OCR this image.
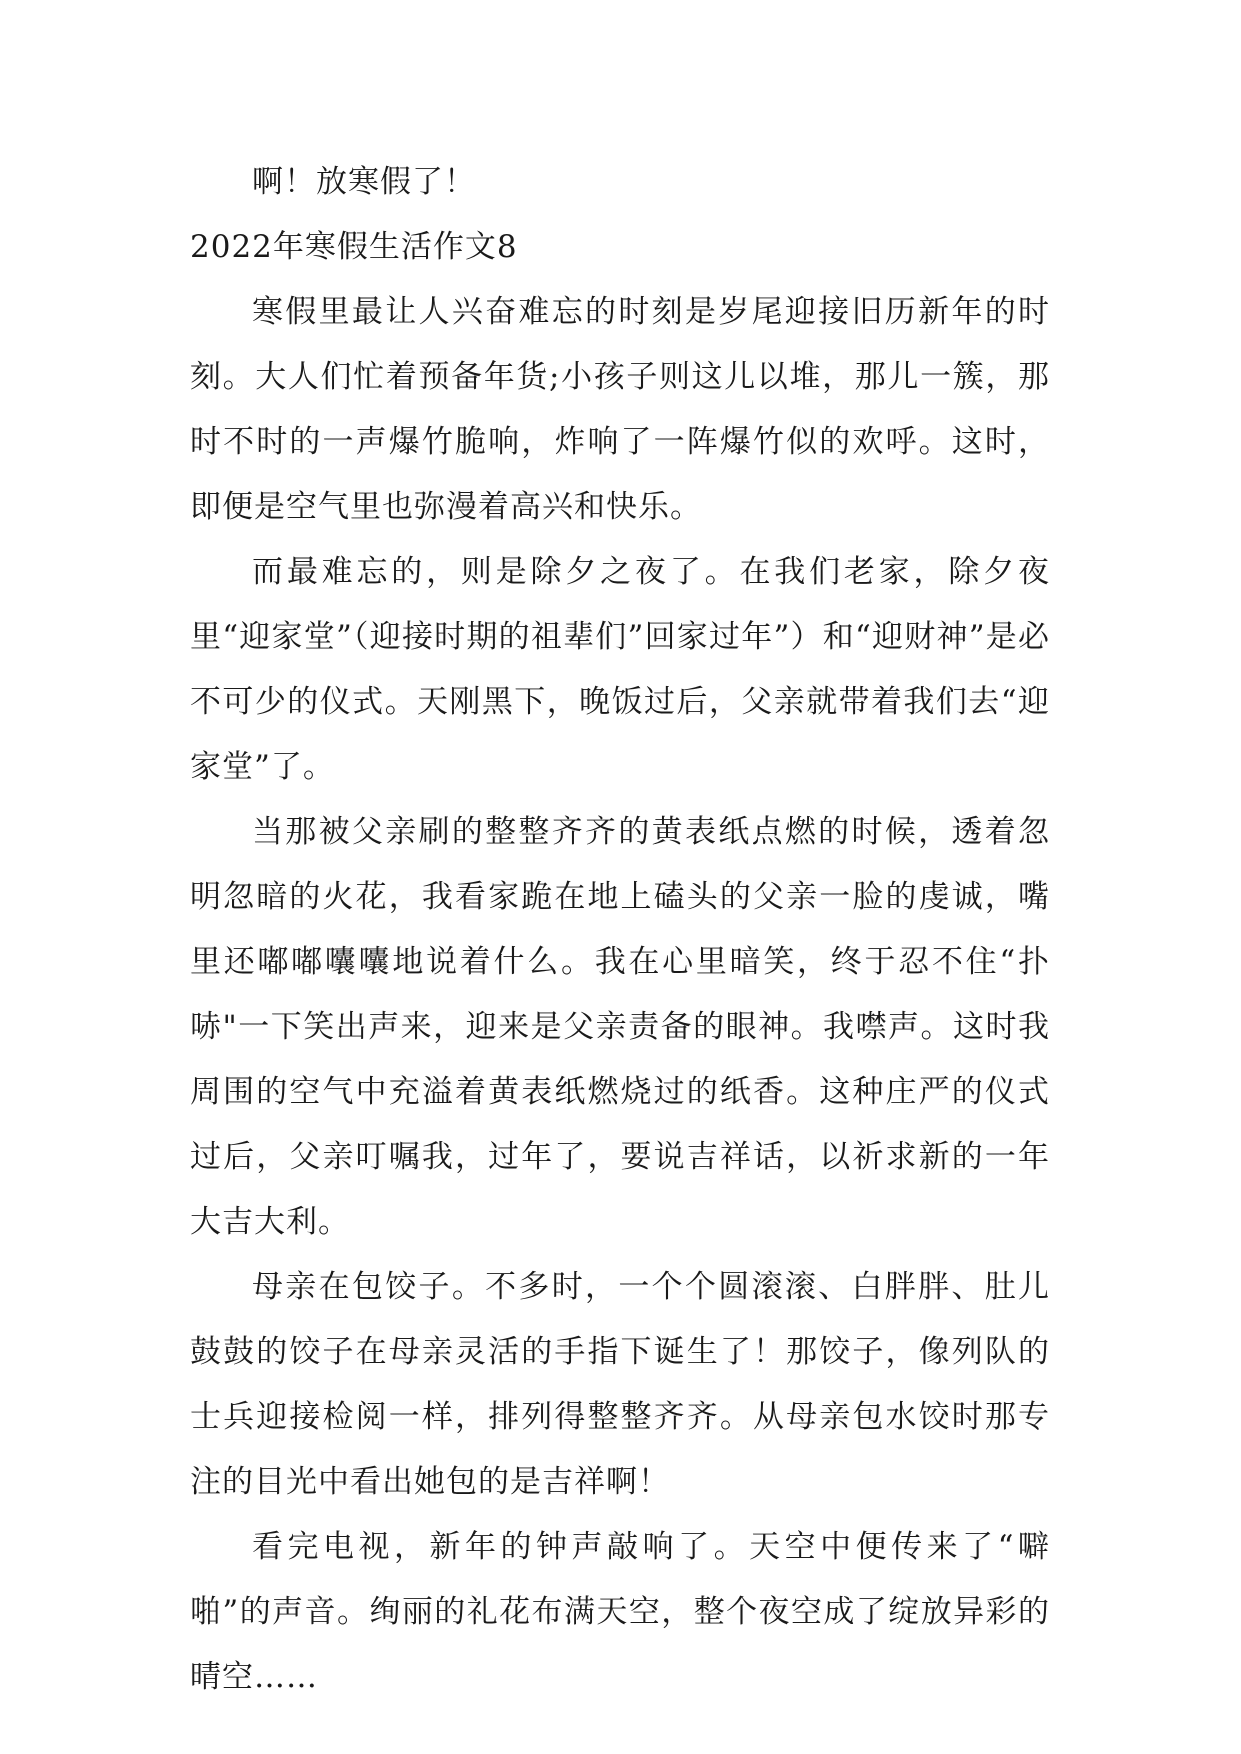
啊！放寒假了！

2022年寒假生活作文8

寒假里最让人兴奋难忘的时刻是岁尾迎接旧历新年的时刻。大人们忙着预备年货;小孩子则这儿以堆，那儿一簇，那时不时的一声爆竹脆响，炸响了一阵爆竹似的欢呼。这时，即便是空气里也弥漫着高兴和快乐。

而最难忘的，则是除夕之夜了。在我们老家，除夕夜里“迎家堂”（迎接时期的祖辈们”回家过年”）和“迎财神”是必不可少的仪式。天刚黑下，晚饭过后，父亲就带着我们去“迎家堂”了。

当那被父亲刷的整整齐齐的黄表纸点燃的时候，透着忽明忽暗的火花，我看家跪在地上磕头的父亲一脸的虔诚，嘴里还嘟嘟囔囔地说着什么。我在心里暗笑，终于忍不住“扑哧"一下笑出声来，迎来是父亲责备的眼神。我噤声。这时我周围的空气中充溢着黄表纸燃烧过的纸香。这种庄严的仪式过后，父亲叮嘱我，过年了，要说吉祥话，以祈求新的一年大吉大利。

母亲在包饺子。不多时，一个个圆滚滚、白胖胖、肚儿鼓鼓的饺子在母亲灵活的手指下诞生了！那饺子，像列队的士兵迎接检阅一样，排列得整整齐齐。从母亲包水饺时那专注的目光中看出她包的是吉祥啊！

看完电视，新年的钟声敲响了。天空中便传来了“噼啪”的声音。绚丽的礼花布满天空，整个夜空成了绽放异彩的晴空……
